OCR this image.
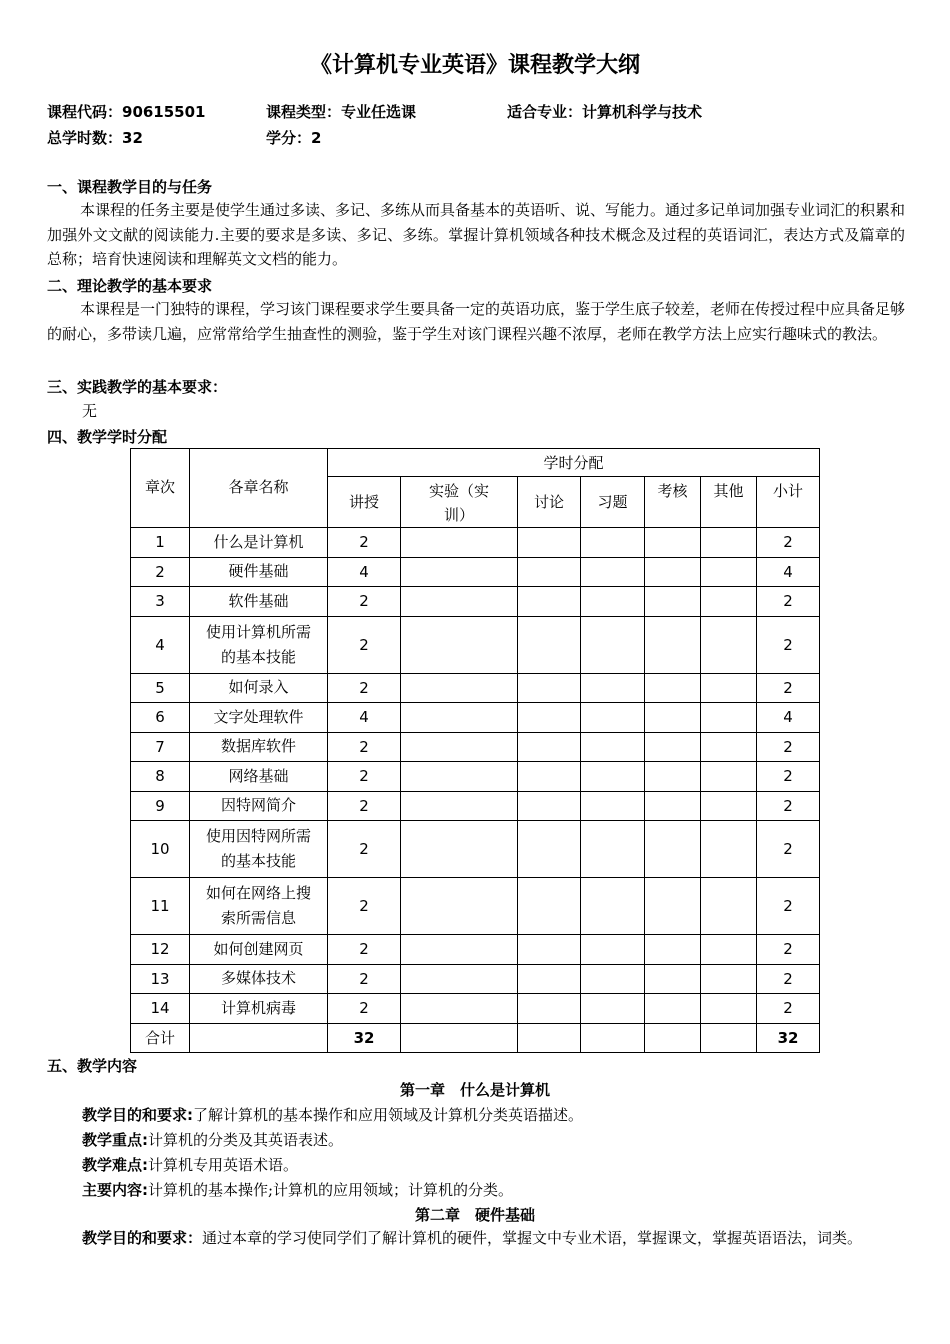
《计算机专业英语》课程教学大纲
课程代码：90615501	课程类型：专业任选课	适合专业：计算机科学与技术
总学时数：32	学分：2
一、课程教学目的与任务
本课程的任务主要是使学生通过多读、多记、多练从而具备基本的英语听、说、写能力。通过多记单词加强专业词汇的积累和加强外文文献的阅读能力.主要的要求是多读、多记、多练。掌握计算机领域各种技术概念及过程的英语词汇，表达方式及篇章的总称；培育快速阅读和理解英文文档的能力。
二、理论教学的基本要求
本课程是一门独特的课程，学习该门课程要求学生要具备一定的英语功底，鉴于学生底子较差，老师在传授过程中应具备足够的耐心，多带读几遍，应常常给学生抽查性的测验，鉴于学生对该门课程兴趣不浓厚，老师在教学方法上应实行趣味式的教法。
三、实践教学的基本要求：
无
四、教学学时分配
章次	各章名称	学时分配						
		讲授	实验（实训）	讨论	习题	考核	其他	小计
1	什么是计算机	2						2
2	硬件基础	4						4
3	软件基础	2						2
4	使用计算机所需的基本技能	2						2
5	如何录入	2						2
6	文字处理软件	4						4
7	数据库软件	2						2
8	网络基础	2						2
9	因特网简介	2						2
10	使用因特网所需的基本技能	2						2
11	如何在网络上搜索所需信息	2						2
12	如何创建网页	2						2
13	多媒体技术	2						2
14	计算机病毒	2						2
合计		32						32
五、教学内容
第一章　什么是计算机
教学目的和要求:了解计算机的基本操作和应用领域及计算机分类英语描述。
教学重点:计算机的分类及其英语表述。
教学难点:计算机专用英语术语。
主要内容:计算机的基本操作;计算机的应用领域；计算机的分类。
第二章　硬件基础
教学目的和要求：通过本章的学习使同学们了解计算机的硬件，掌握文中专业术语，掌握课文，掌握英语语法，词类。
